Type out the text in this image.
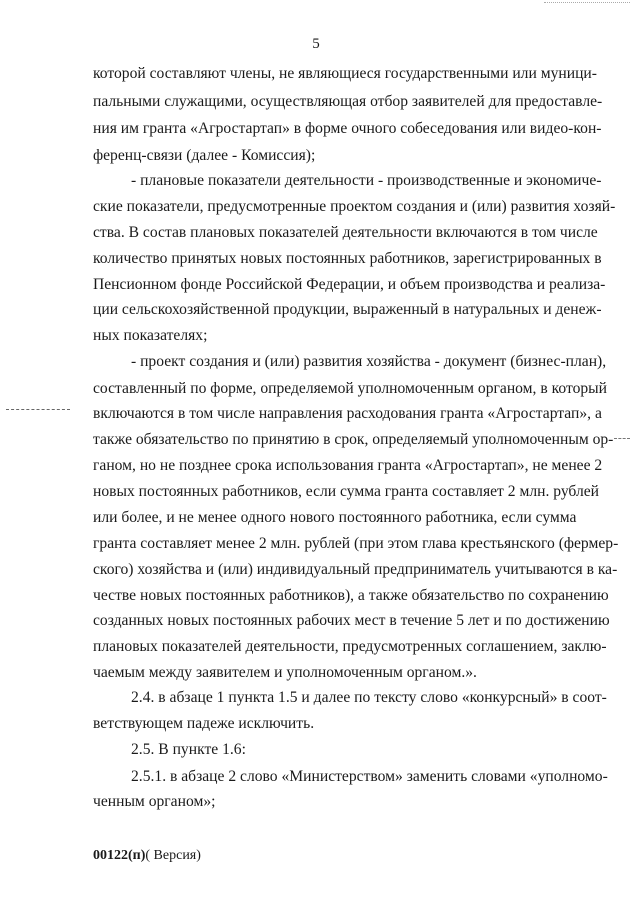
5
которой составляют члены, не являющиеся государственными или муници-
пальными служащими, осуществляющая отбор заявителей для предоставле-
ния им гранта «Агростартап» в форме очного собеседования или видео-кон-
ференц-связи (далее - Комиссия);
- плановые показатели деятельности - производственные и экономиче-
ские показатели, предусмотренные проектом создания и (или) развития хозяй-
ства. В состав плановых показателей деятельности включаются в том числе
количество принятых новых постоянных работников, зарегистрированных в
Пенсионном фонде Российской Федерации, и объем производства и реализа-
ции сельскохозяйственной продукции, выраженный в натуральных и денеж-
ных показателях;
- проект создания и (или) развития хозяйства - документ (бизнес-план),
составленный по форме, определяемой уполномоченным органом, в который
включаются в том числе направления расходования гранта «Агростартап», а
также обязательство по принятию в срок, определяемый уполномоченным ор-
ганом, но не позднее срока использования гранта «Агростартап», не менее 2
новых постоянных работников, если сумма гранта составляет 2 млн. рублей
или более, и не менее одного нового постоянного работника, если сумма
гранта составляет менее 2 млн. рублей (при этом глава крестьянского (фермер-
ского) хозяйства и (или) индивидуальный предприниматель учитываются в ка-
честве новых постоянных работников), а также обязательство по сохранению
созданных новых постоянных рабочих мест в течение 5 лет и по достижению
плановых показателей деятельности, предусмотренных соглашением, заклю-
чаемым между заявителем и уполномоченным органом.».
2.4. в абзаце 1 пункта 1.5 и далее по тексту слово «конкурсный» в соот-
ветствующем падеже исключить.
2.5. В пункте 1.6:
2.5.1. в абзаце 2 слово «Министерством» заменить словами «уполномо-
ченным органом»;
00122(п)( Версия)
